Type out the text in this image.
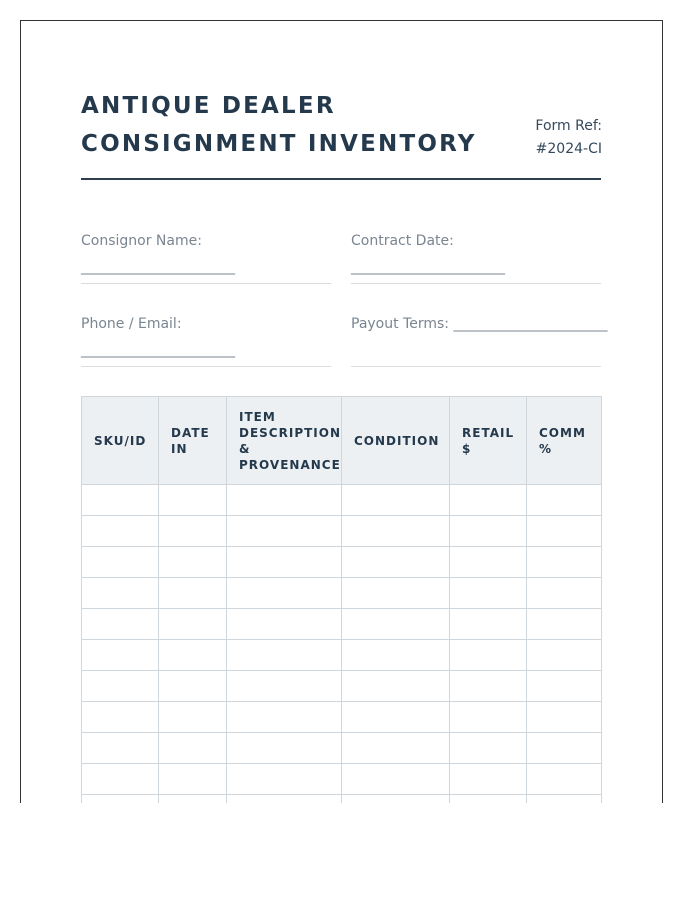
ANTIQUE DEALER
CONSIGNMENT INVENTORY
Form Ref:
#2024-CI
Consignor Name:
______________________
Contract Date:
______________________
Phone / Email:
______________________
Payout Terms: ______________________
SKU/ID	DATE IN	ITEM DESCRIPTION & PROVENANCE	CONDITION	RETAIL $	COMM %
